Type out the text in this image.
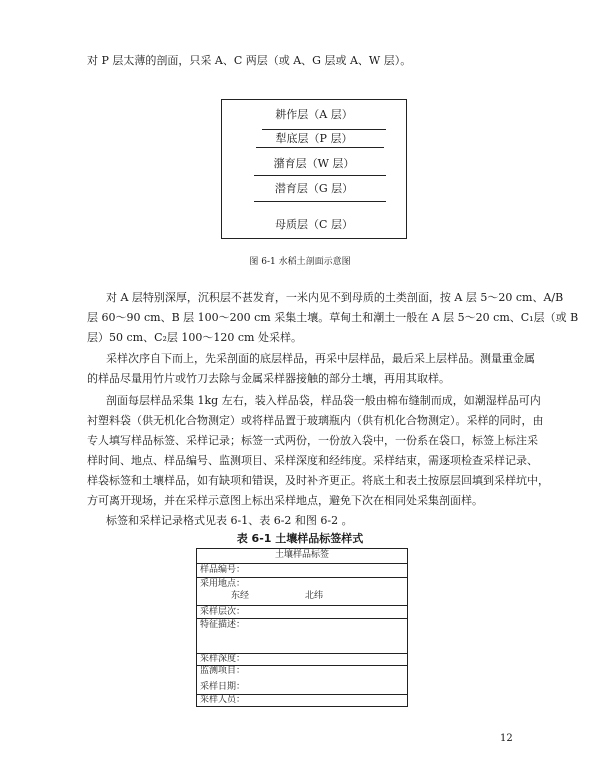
对 P 层太薄的剖面，只采 A、C 两层（或 A、G 层或 A、W 层）。
耕作层（A 层）
犁底层（P 层）
潴育层（W 层）
潜育层（G 层）
母质层（C 层）
图 6-1 水稻土剖面示意图
对 A 层特别深厚，沉积层不甚发育，一米内见不到母质的土类剖面，按 A 层 5～20 cm、A/B
层 60～90 cm、B 层 100～200 cm 采集土壤。草甸土和潮土一般在 A 层 5～20 cm、C₁层（或 B
层）50 cm、C₂层 100～120 cm 处采样。
采样次序自下而上，先采剖面的底层样品，再采中层样品，最后采上层样品。测量重金属
的样品尽量用竹片或竹刀去除与金属采样器接触的部分土壤，再用其取样。
剖面每层样品采集 1kg 左右，装入样品袋，样品袋一般由棉布缝制而成，如潮湿样品可内
衬塑料袋（供无机化合物测定）或将样品置于玻璃瓶内（供有机化合物测定）。采样的同时，由
专人填写样品标签、采样记录；标签一式两份，一份放入袋中，一份系在袋口，标签上标注采
样时间、地点、样品编号、监测项目、采样深度和经纬度。采样结束，需逐项检查采样记录、
样袋标签和土壤样品，如有缺项和错误，及时补齐更正。将底土和表土按原层回填到采样坑中，
方可离开现场，并在采样示意图上标出采样地点，避免下次在相同处采集剖面样。
标签和采样记录格式见表 6-1、表 6-2 和图 6-2 。
表 6-1 土壤样品标签样式
土壤样品标签
样品编号：
采用地点：
东经	北纬
采样层次：
特征描述：
采样深度：
监测项目：
采样日期：
采样人员：
12
